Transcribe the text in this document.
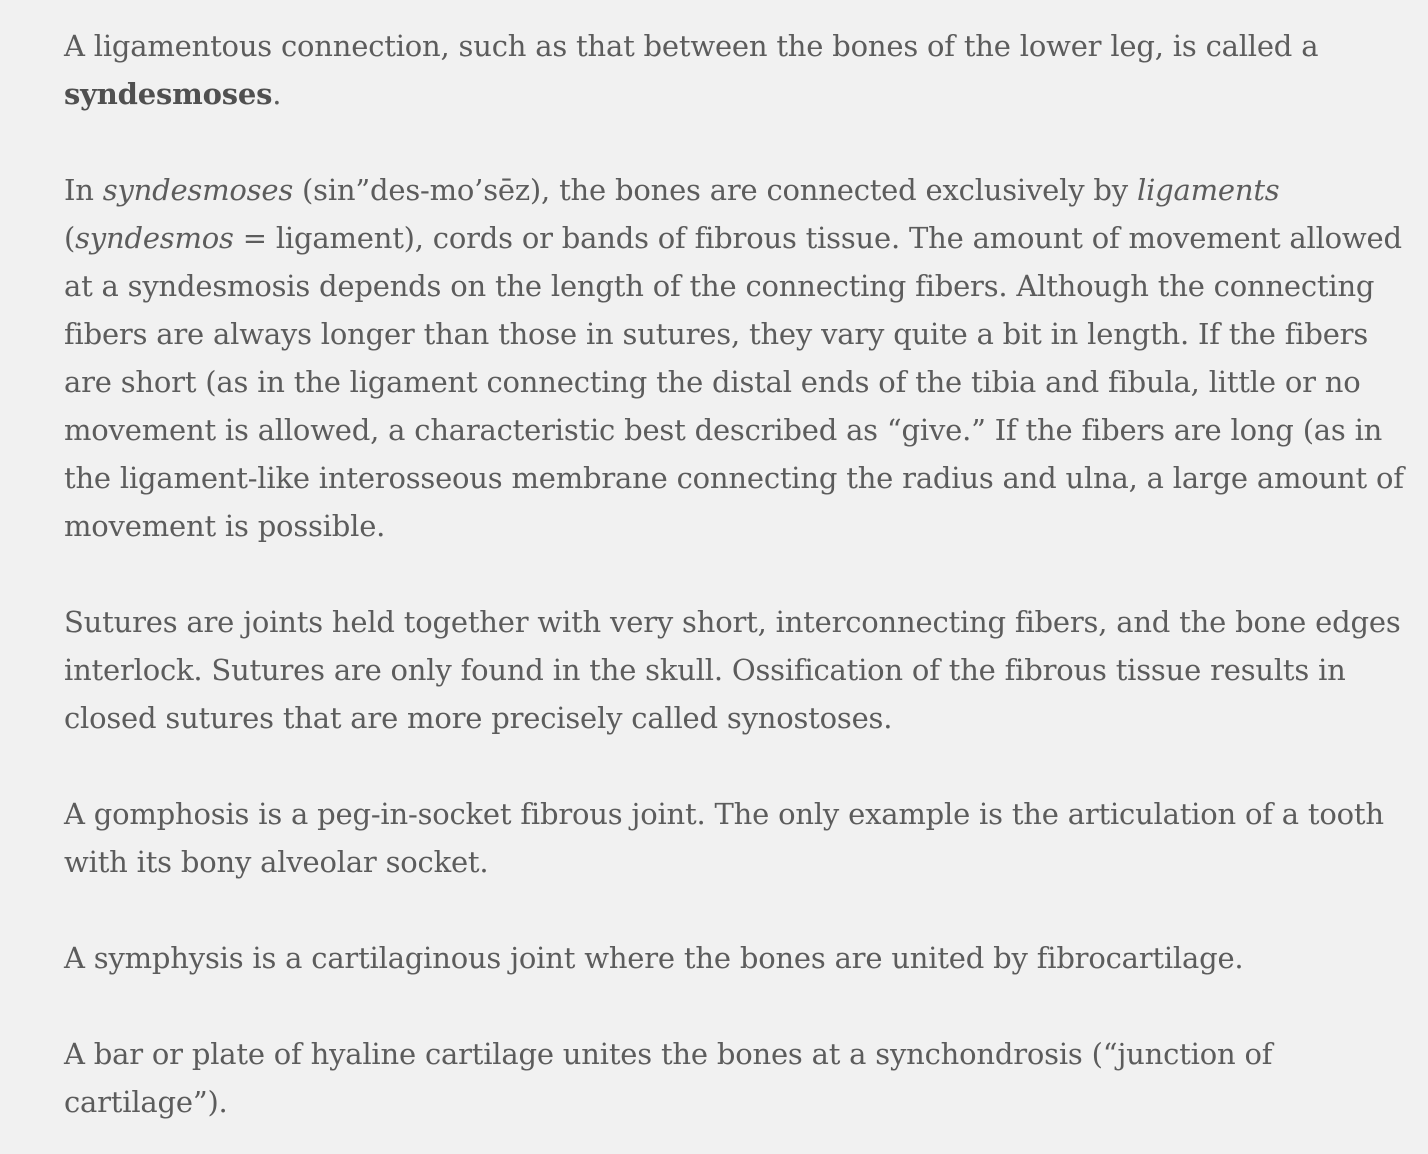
A ligamentous connection, such as that between the bones of the lower leg, is called a syndesmoses.

In syndesmoses (sin”des-mo’sēz), the bones are connected exclusively by ligaments (syndesmos = ligament), cords or bands of fibrous tissue. The amount of movement allowed at a syndesmosis depends on the length of the connecting fibers. Although the connecting fibers are always longer than those in sutures, they vary quite a bit in length. If the fibers are short (as in the ligament connecting the distal ends of the tibia and fibula, little or no movement is allowed, a characteristic best described as “give.” If the fibers are long (as in the ligament-like interosseous membrane connecting the radius and ulna, a large amount of movement is possible.

Sutures are joints held together with very short, interconnecting fibers, and the bone edges interlock. Sutures are only found in the skull. Ossification of the fibrous tissue results in closed sutures that are more precisely called synostoses.

A gomphosis is a peg-in-socket fibrous joint. The only example is the articulation of a tooth with its bony alveolar socket.

A symphysis is a cartilaginous joint where the bones are united by fibrocartilage.

A bar or plate of hyaline cartilage unites the bones at a synchondrosis (“junction of cartilage”).
